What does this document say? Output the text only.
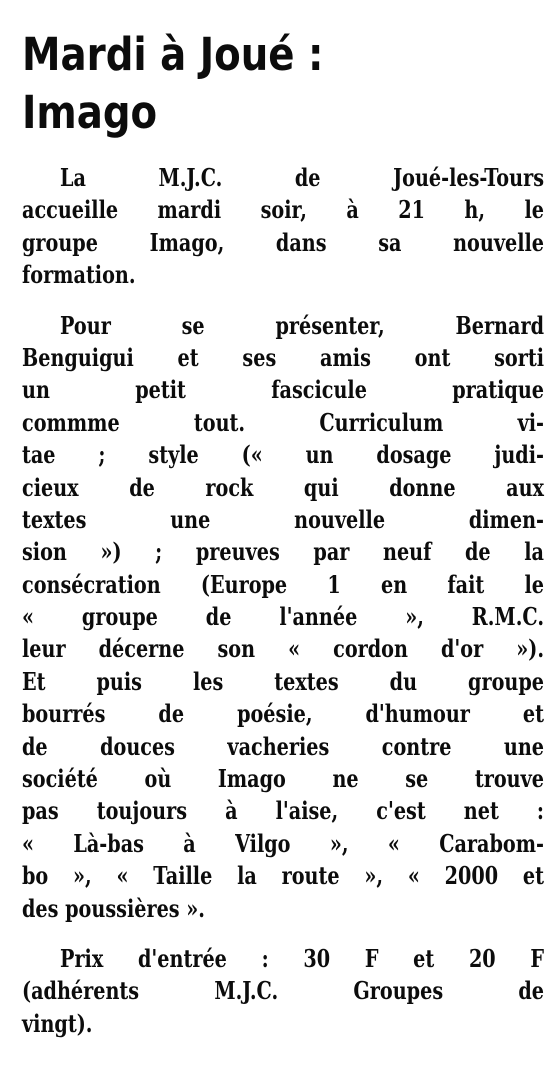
Mardi à Joué :
Imago
La M.J.C. de Joué-les-Tours
accueille mardi soir, à 21 h, le
groupe Imago, dans sa nouvelle
formation.
Pour se présenter, Bernard
Benguigui et ses amis ont sorti
un petit fascicule pratique
commme tout. Curriculum vi-
tae ; style (« un dosage judi-
cieux de rock qui donne aux
textes une nouvelle dimen-
sion ») ; preuves par neuf de la
consécration (Europe 1 en fait le
« groupe de l'année », R.M.C.
leur décerne son « cordon d'or »).
Et puis les textes du groupe
bourrés de poésie, d'humour et
de douces vacheries contre une
société où Imago ne se trouve
pas toujours à l'aise, c'est net :
« Là-bas à Vilgo », « Carabom-
bo », « Taille la route », « 2000 et
des poussières ».
Prix d'entrée : 30 F et 20 F
(adhérents M.J.C. Groupes de
vingt).
